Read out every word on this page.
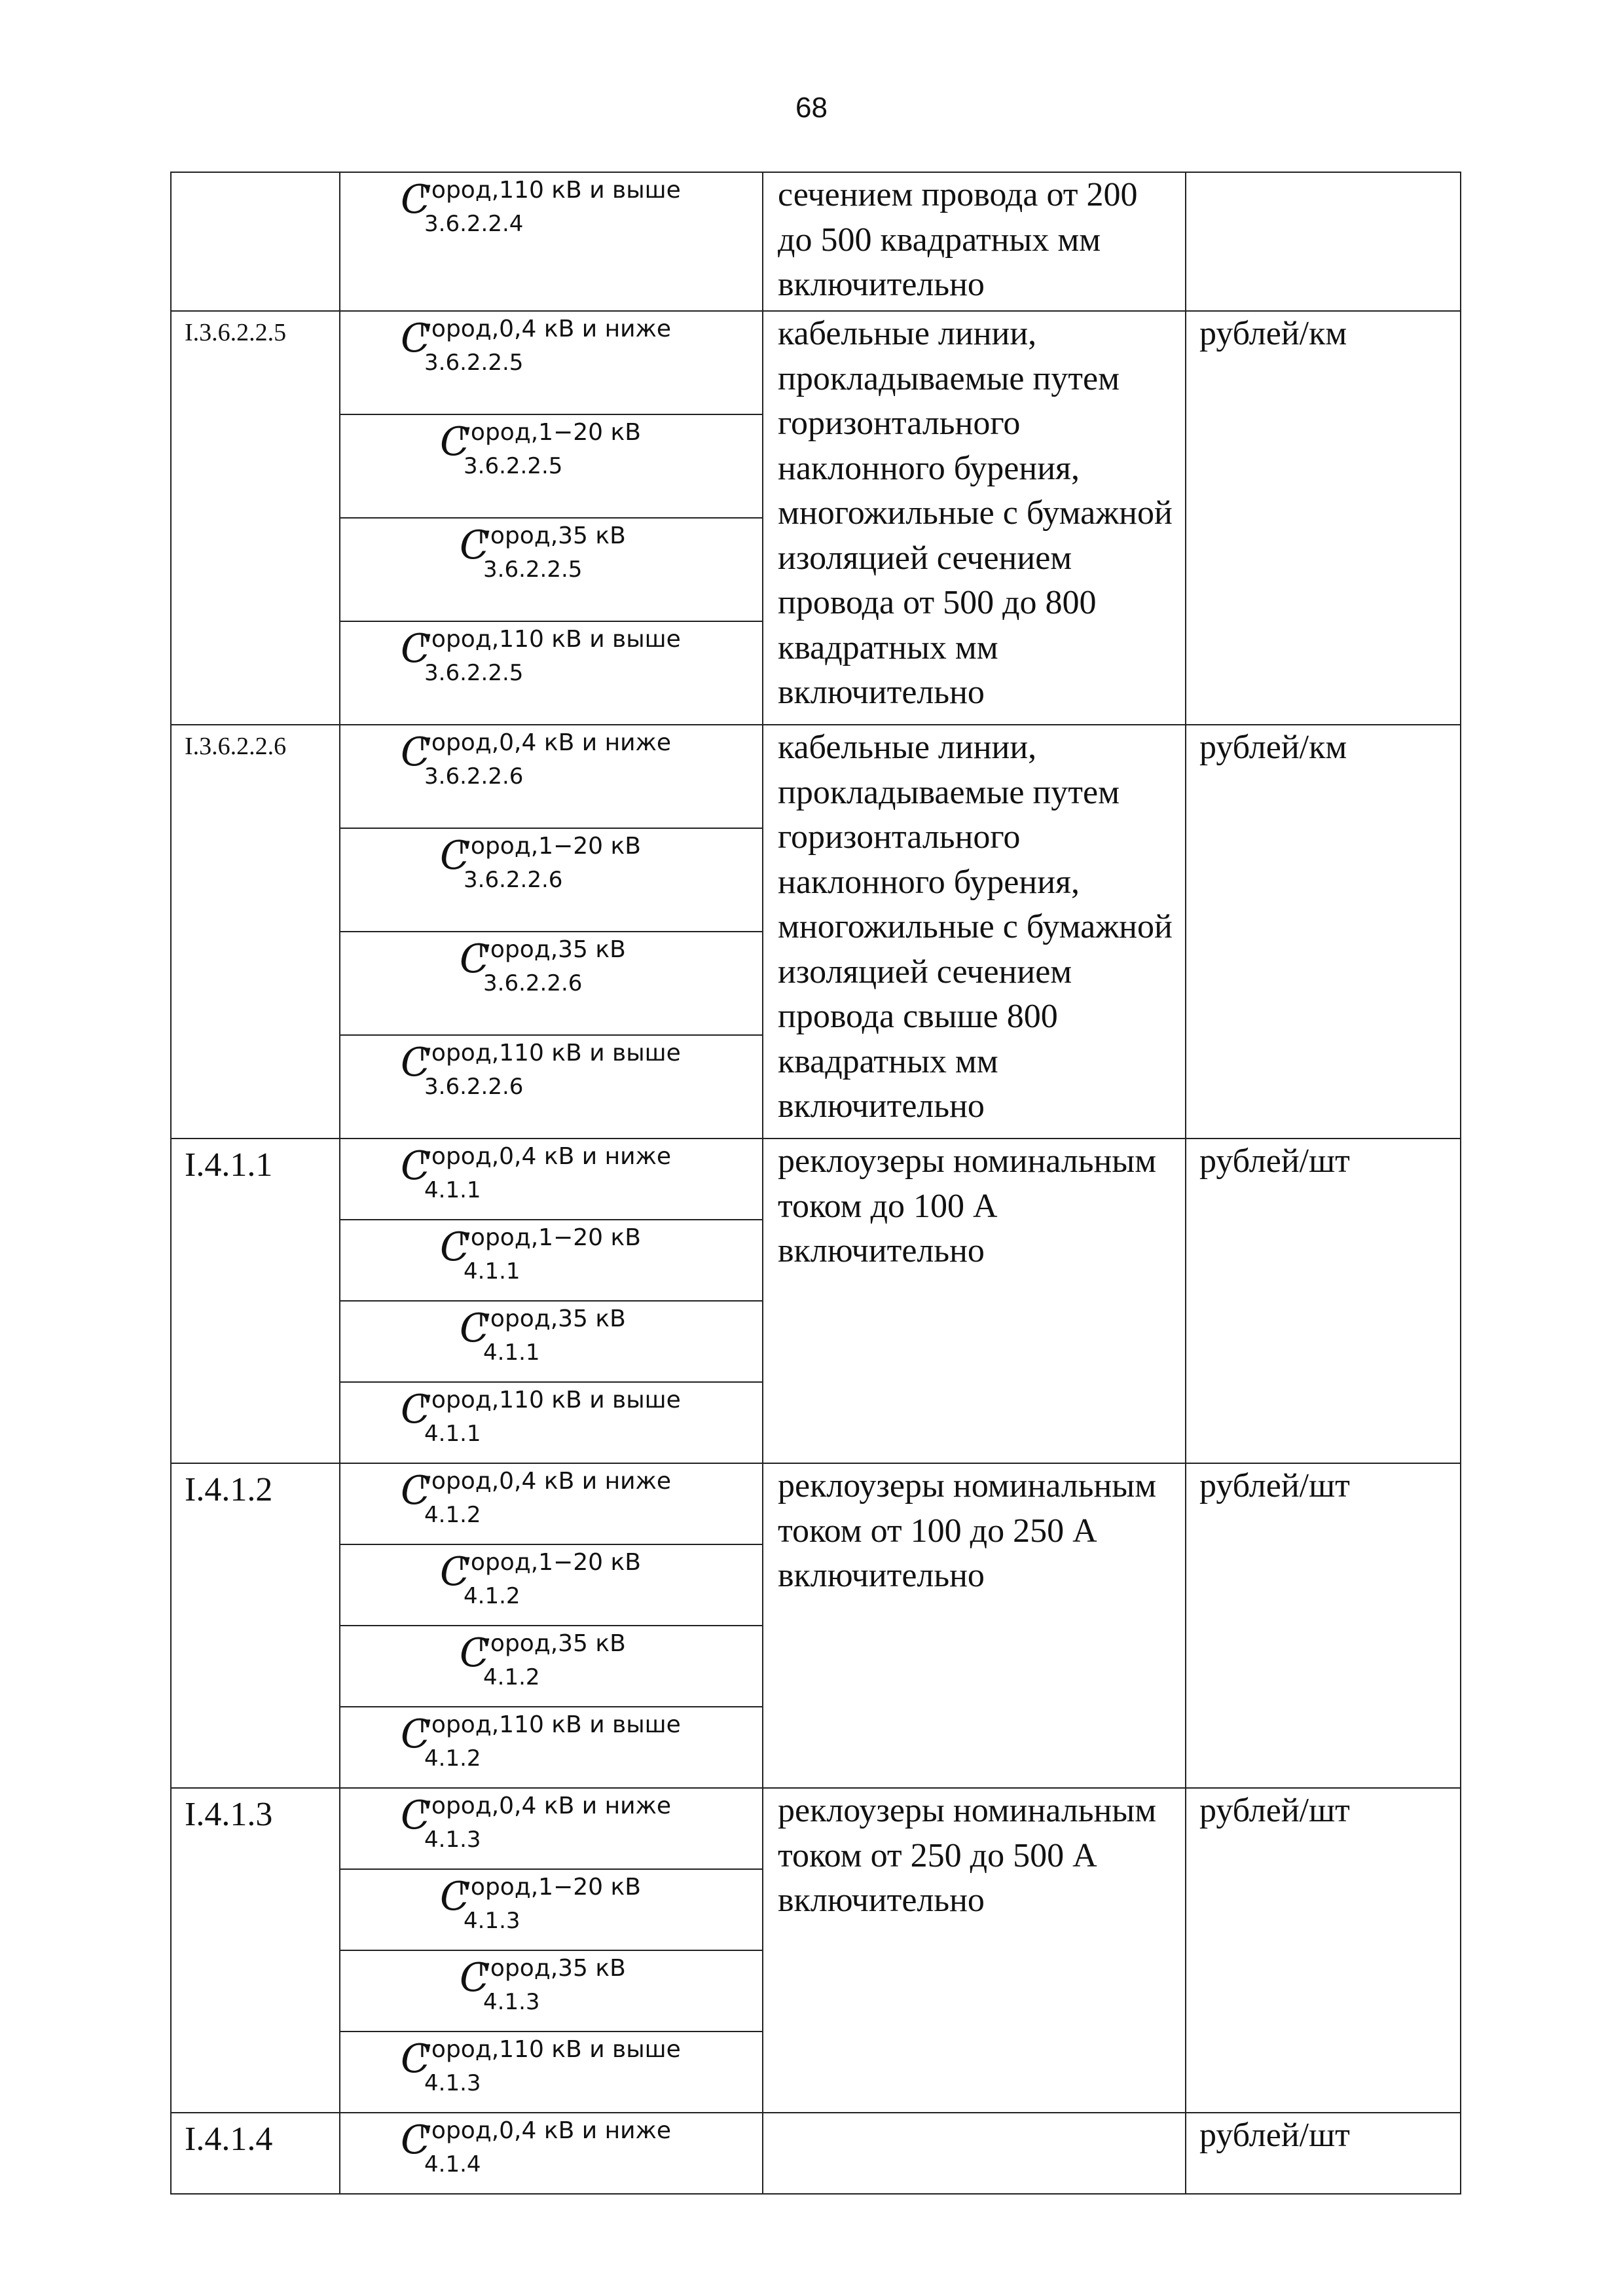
68

	C
город,110 кВ и выше
3.6.2.2.4	сечением провода от 200 до 500 квадратных мм включительно	
I.3.6.2.2.5	C
город,0,4 кВ и ниже
3.6.2.2.5	кабельные линии, прокладываемые путем горизонтального наклонного бурения, многожильные с бумажной изоляцией сечением провода от 500 до 800 квадратных мм включительно	рублей/км

	C
город,1−20 кВ
3.6.2.2.5		

	C
город,35 кВ
3.6.2.2.5		

	C
город,110 кВ и выше
3.6.2.2.5		

I.3.6.2.2.6	C
город,0,4 кВ и ниже
3.6.2.2.6	кабельные линии, прокладываемые путем горизонтального наклонного бурения, многожильные с бумажной изоляцией сечением провода свыше 800 квадратных мм включительно	рублей/км

	C
город,1−20 кВ
3.6.2.2.6		

	C
город,35 кВ
3.6.2.2.6		

	C
город,110 кВ и выше
3.6.2.2.6		

I.4.1.1	C
город,0,4 кВ и ниже
4.1.1	реклоузеры номинальным током до 100 А включительно	рублей/шт

	C
город,1−20 кВ
4.1.1		

	C
город,35 кВ
4.1.1		

	C
город,110 кВ и выше
4.1.1		

I.4.1.2	C
город,0,4 кВ и ниже
4.1.2	реклоузеры номинальным током от 100 до 250 А включительно	рублей/шт

	C
город,1−20 кВ
4.1.2		

	C
город,35 кВ
4.1.2		

	C
город,110 кВ и выше
4.1.2		

I.4.1.3	C
город,0,4 кВ и ниже
4.1.3	реклоузеры номинальным током от 250 до 500 А включительно	рублей/шт

	C
город,1−20 кВ
4.1.3		

	C
город,35 кВ
4.1.3		

	C
город,110 кВ и выше
4.1.3		

I.4.1.4	C
город,0,4 кВ и ниже
4.1.4		рублей/шт
